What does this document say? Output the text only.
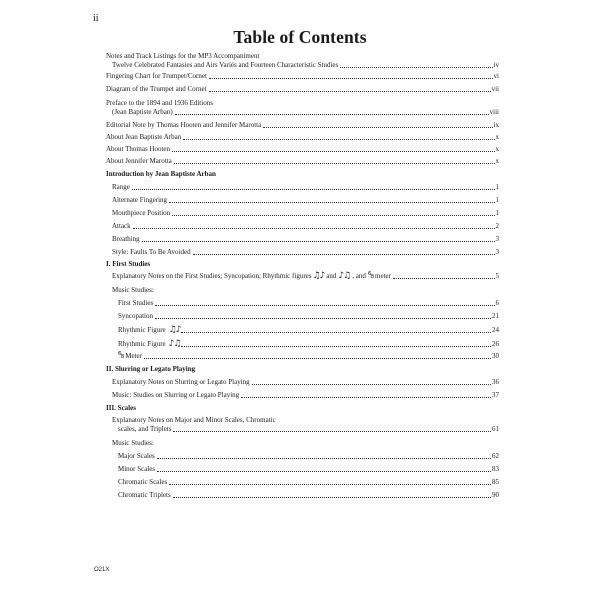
ii
Table of Contents
Notes and Track Listings for the MP3 Accompaniment
Twelve Celebrated Fantasies and Airs Variés and Fourteen Characteristic Studies	iv
Fingering Chart for Trumpet/Cornet	vi
Diagram of the Trumpet and Cornet	vii
Preface to the 1894 and 1936 Editions
(Jean Baptiste Arban)	viii
Editorial Note by Thomas Hooten and Jennifer Marotta	ix
About Jean Baptiste Arban	x
About Thomas Hooten	x
About Jennifer Marotta	x
Introduction by Jean Baptiste Arban
Range	1
Alternate Fingering	1
Mouthpiece Position	1
Attack	2
Breathing	3
Style: Faults To Be Avoided	3
I. First Studies
Explanatory Notes on the First Studies; Syncopation; Rhythmic figures ♫♪ and ♪♫ , and ⁶₈ meter	5
Music Studies:
First Studies	6
Syncopation	21
Rhythmic Figure ♫♪	24
Rhythmic Figure ♪♫	26
⁶₈ Meter	30
II. Slurring or Legato Playing
Explanatory Notes on Slurring or Legato Playing	36
Music: Studies on Slurring or Legato Playing	37
III. Scales
Explanatory Notes on Major and Minor Scales, Chromatic
scales, and Triplets	61
Music Studies:
Major Scales	62
Minor Scales	83
Chromatic Scales	85
Chromatic Triplets	90
O21X
